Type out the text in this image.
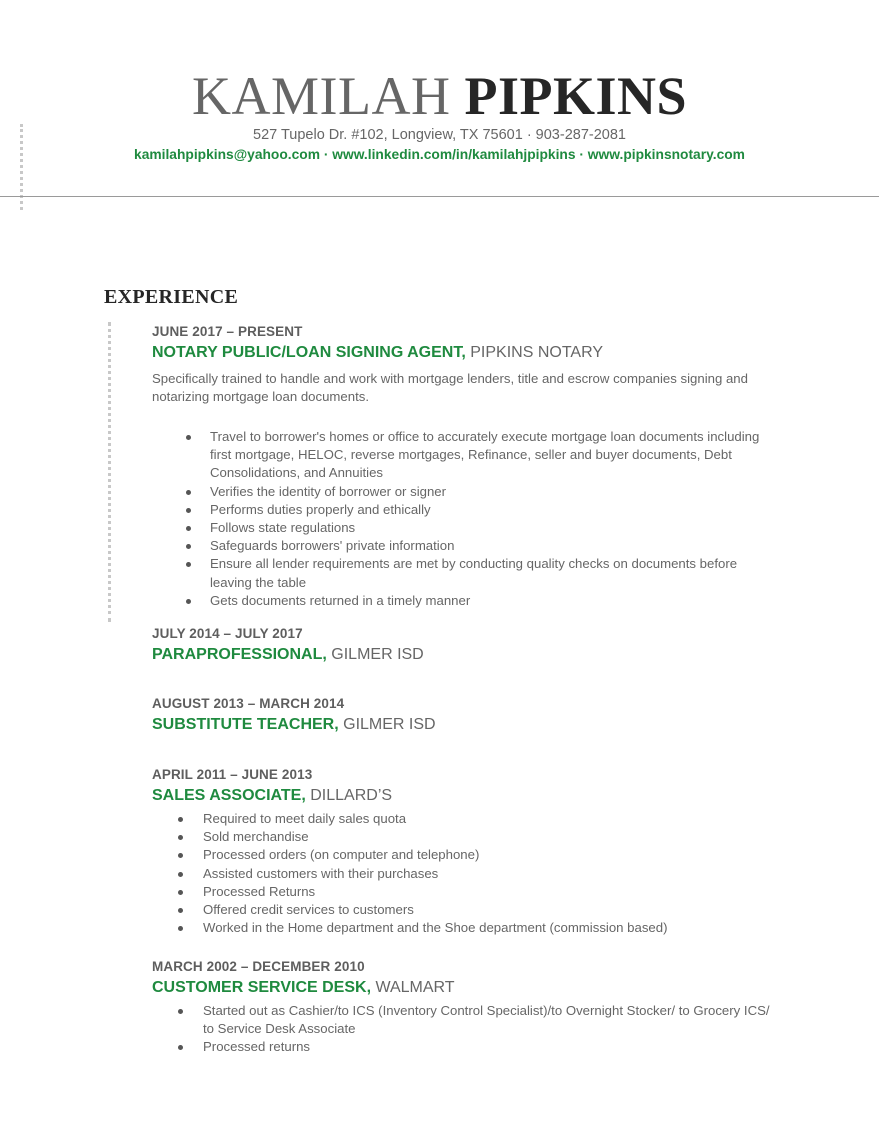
KAMILAH PIPKINS
527 Tupelo Dr. #102, Longview, TX 75601 · 903-287-2081
kamilahpipkins@yahoo.com · www.linkedin.com/in/kamilahjpipkins · www.pipkinsnotary.com
EXPERIENCE
JUNE 2017 – PRESENT
NOTARY PUBLIC/LOAN SIGNING AGENT, PIPKINS NOTARY
Specifically trained to handle and work with mortgage lenders, title and escrow companies signing and notarizing mortgage loan documents.
Travel to borrower's homes or office to accurately execute mortgage loan documents including first mortgage, HELOC, reverse mortgages, Refinance, seller and buyer documents, Debt Consolidations, and Annuities
Verifies the identity of borrower or signer
Performs duties properly and ethically
Follows state regulations
Safeguards borrowers' private information
Ensure all lender requirements are met by conducting quality checks on documents before leaving the table
Gets documents returned in a timely manner
JULY 2014 – JULY 2017
PARAPROFESSIONAL, GILMER ISD
AUGUST 2013 – MARCH 2014
SUBSTITUTE TEACHER, GILMER ISD
APRIL 2011 – JUNE 2013
SALES ASSOCIATE, DILLARD’S
Required to meet daily sales quota
Sold merchandise
Processed orders (on computer and telephone)
Assisted customers with their purchases
Processed Returns
Offered credit services to customers
Worked in the Home department and the Shoe department (commission based)
MARCH 2002 – DECEMBER 2010
CUSTOMER SERVICE DESK, WALMART
Started out as Cashier/to ICS (Inventory Control Specialist)/to Overnight Stocker/ to Grocery ICS/ to Service Desk Associate
Processed returns
